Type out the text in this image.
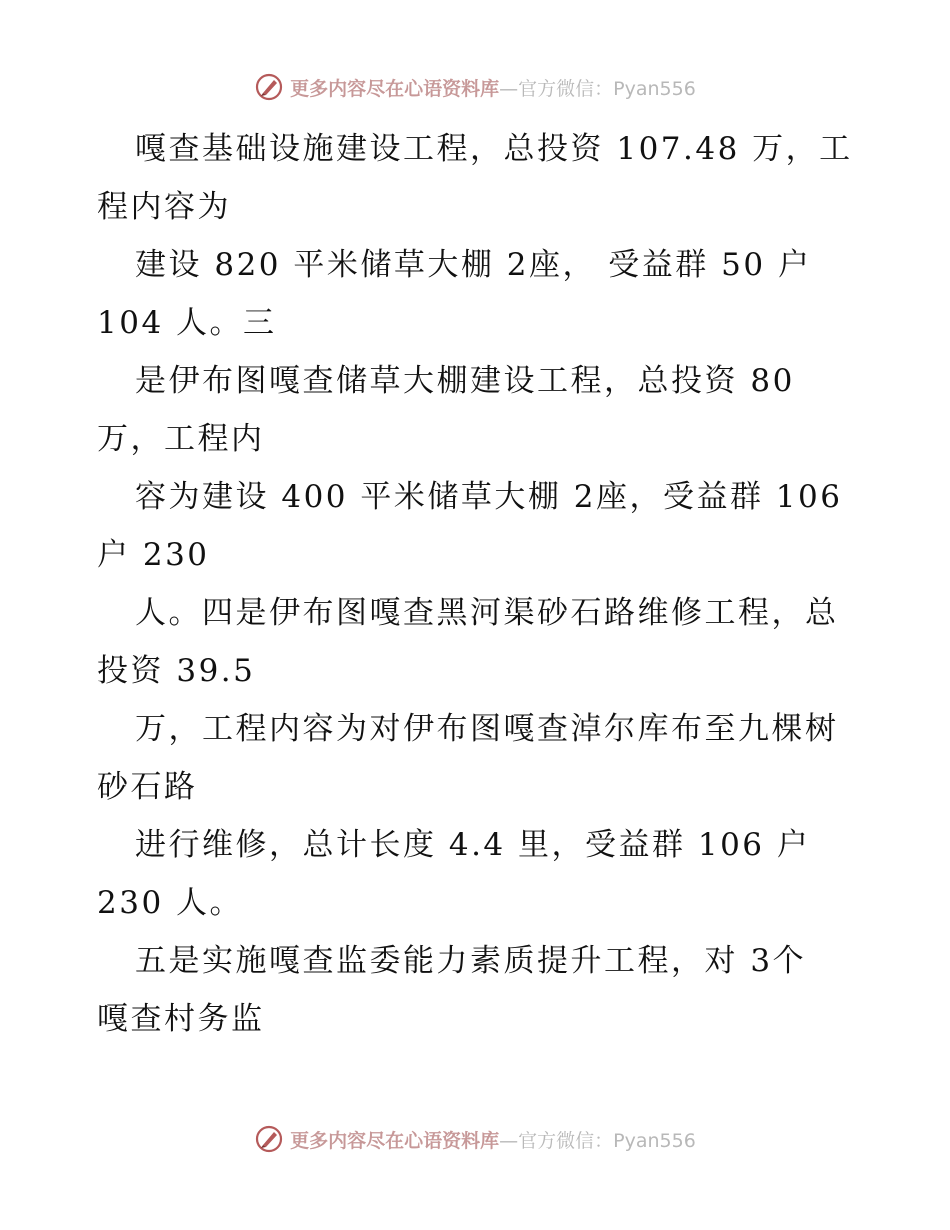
更多内容尽在心语资料库 —官方微信：Pyan556
嘎查基础设施建设工程，总投资 107.48 万，工
程内容为
建设 820 平米储草大棚 2座， 受益群 50 户
104 人。三
是伊布图嘎查储草大棚建设工程，总投资 80
万，工程内
容为建设 400 平米储草大棚 2座，受益群 106
户 230
人。四是伊布图嘎查黑河渠砂石路维修工程，总
投资 39.5
万，工程内容为对伊布图嘎查淖尔库布至九棵树
砂石路
进行维修，总计长度 4.4 里，受益群 106 户
230 人。
五是实施嘎查监委能力素质提升工程，对 3个
嘎查村务监
更多内容尽在心语资料库 —官方微信：Pyan556
